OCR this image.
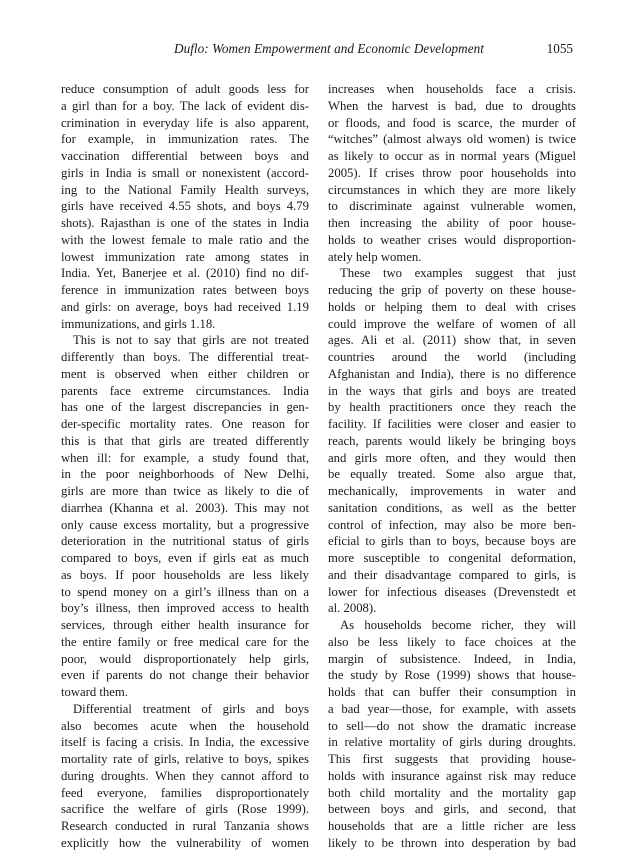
Duflo: Women Empowerment and Economic Development	1055
reduce consumption of adult goods less for
a girl than for a boy. The lack of evident dis-
crimination in everyday life is also apparent,
for example, in immunization rates. The
vaccination differential between boys and
girls in India is small or nonexistent (accord-
ing to the National Family Health surveys,
girls have received 4.55 shots, and boys 4.79
shots). Rajasthan is one of the states in India
with the lowest female to male ratio and the
lowest immunization rate among states in
India. Yet, Banerjee et al. (2010) find no dif-
ference in immunization rates between boys
and girls: on average, boys had received 1.19
immunizations, and girls 1.18.
This is not to say that girls are not treated
differently than boys. The differential treat-
ment is observed when either children or
parents face extreme circumstances. India
has one of the largest discrepancies in gen-
der-specific mortality rates. One reason for
this is that that girls are treated differently
when ill: for example, a study found that,
in the poor neighborhoods of New Delhi,
girls are more than twice as likely to die of
diarrhea (Khanna et al. 2003). This may not
only cause excess mortality, but a progressive
deterioration in the nutritional status of girls
compared to boys, even if girls eat as much
as boys. If poor households are less likely
to spend money on a girl’s illness than on a
boy’s illness, then improved access to health
services, through either health insurance for
the entire family or free medical care for the
poor, would disproportionately help girls,
even if parents do not change their behavior
toward them.
Differential treatment of girls and boys
also becomes acute when the household
itself is facing a crisis. In India, the excessive
mortality rate of girls, relative to boys, spikes
during droughts. When they cannot afford to
feed everyone, families disproportionately
sacrifice the welfare of girls (Rose 1999).
Research conducted in rural Tanzania shows
explicitly how the vulnerability of women
increases when households face a crisis.
When the harvest is bad, due to droughts
or floods, and food is scarce, the murder of
“witches” (almost always old women) is twice
as likely to occur as in normal years (Miguel
2005). If crises throw poor households into
circumstances in which they are more likely
to discriminate against vulnerable women,
then increasing the ability of poor house-
holds to weather crises would disproportion-
ately help women.
These two examples suggest that just
reducing the grip of poverty on these house-
holds or helping them to deal with crises
could improve the welfare of women of all
ages. Ali et al. (2011) show that, in seven
countries around the world (including
Afghanistan and India), there is no difference
in the ways that girls and boys are treated
by health practitioners once they reach the
facility. If facilities were closer and easier to
reach, parents would likely be bringing boys
and girls more often, and they would then
be equally treated. Some also argue that,
mechanically, improvements in water and
sanitation conditions, as well as the better
control of infection, may also be more ben-
eficial to girls than to boys, because boys are
more susceptible to congenital deformation,
and their disadvantage compared to girls, is
lower for infectious diseases (Drevenstedt et
al. 2008).
As households become richer, they will
also be less likely to face choices at the
margin of subsistence. Indeed, in India,
the study by Rose (1999) shows that house-
holds that can buffer their consumption in
a bad year—those, for example, with assets
to sell—do not show the dramatic increase
in relative mortality of girls during droughts.
This first suggests that providing house-
holds with insurance against risk may reduce
both child mortality and the mortality gap
between boys and girls, and second, that
households that are a little richer are less
likely to be thrown into desperation by bad
